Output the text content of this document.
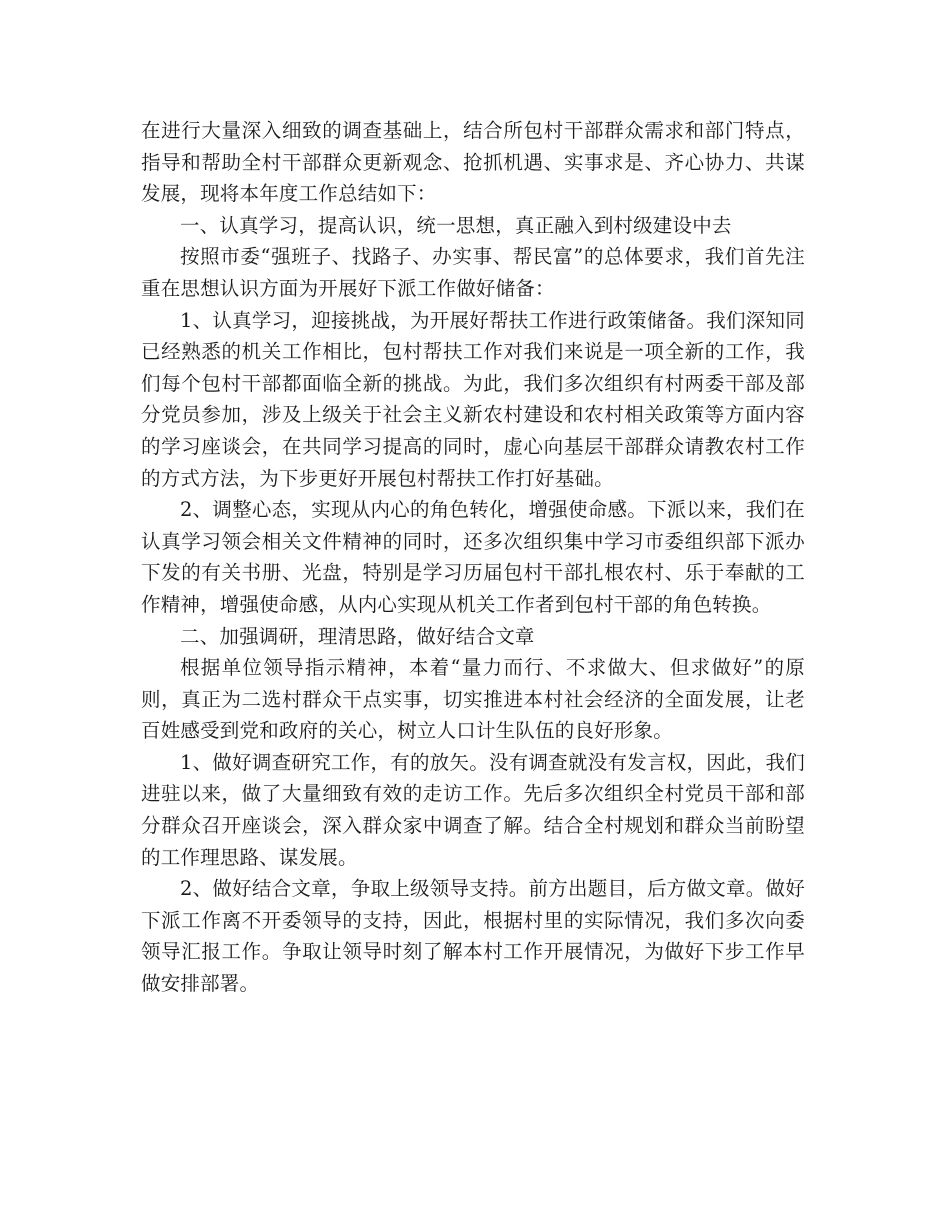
在进行大量深入细致的调查基础上，结合所包村干部群众需求和部门特点，指导和帮助全村干部群众更新观念、抢抓机遇、实事求是、齐心协力、共谋发展，现将本年度工作总结如下：

一、认真学习，提高认识，统一思想，真正融入到村级建设中去

按照市委“强班子、找路子、办实事、帮民富”的总体要求，我们首先注重在思想认识方面为开展好下派工作做好储备：

1、认真学习，迎接挑战，为开展好帮扶工作进行政策储备。我们深知同已经熟悉的机关工作相比，包村帮扶工作对我们来说是一项全新的工作，我们每个包村干部都面临全新的挑战。为此，我们多次组织有村两委干部及部分党员参加，涉及上级关于社会主义新农村建设和农村相关政策等方面内容的学习座谈会，在共同学习提高的同时，虚心向基层干部群众请教农村工作的方式方法，为下步更好开展包村帮扶工作打好基础。

2、调整心态，实现从内心的角色转化，增强使命感。下派以来，我们在认真学习领会相关文件精神的同时，还多次组织集中学习市委组织部下派办下发的有关书册、光盘，特别是学习历届包村干部扎根农村、乐于奉献的工作精神，增强使命感，从内心实现从机关工作者到包村干部的角色转换。

二、加强调研，理清思路，做好结合文章

根据单位领导指示精神，本着“量力而行、不求做大、但求做好”的原则，真正为二选村群众干点实事，切实推进本村社会经济的全面发展，让老百姓感受到党和政府的关心，树立人口计生队伍的良好形象。

1、做好调查研究工作，有的放矢。没有调查就没有发言权，因此，我们进驻以来，做了大量细致有效的走访工作。先后多次组织全村党员干部和部分群众召开座谈会，深入群众家中调查了解。结合全村规划和群众当前盼望的工作理思路、谋发展。

2、做好结合文章，争取上级领导支持。前方出题目，后方做文章。做好下派工作离不开委领导的支持，因此，根据村里的实际情况，我们多次向委领导汇报工作。争取让领导时刻了解本村工作开展情况，为做好下步工作早做安排部署。
